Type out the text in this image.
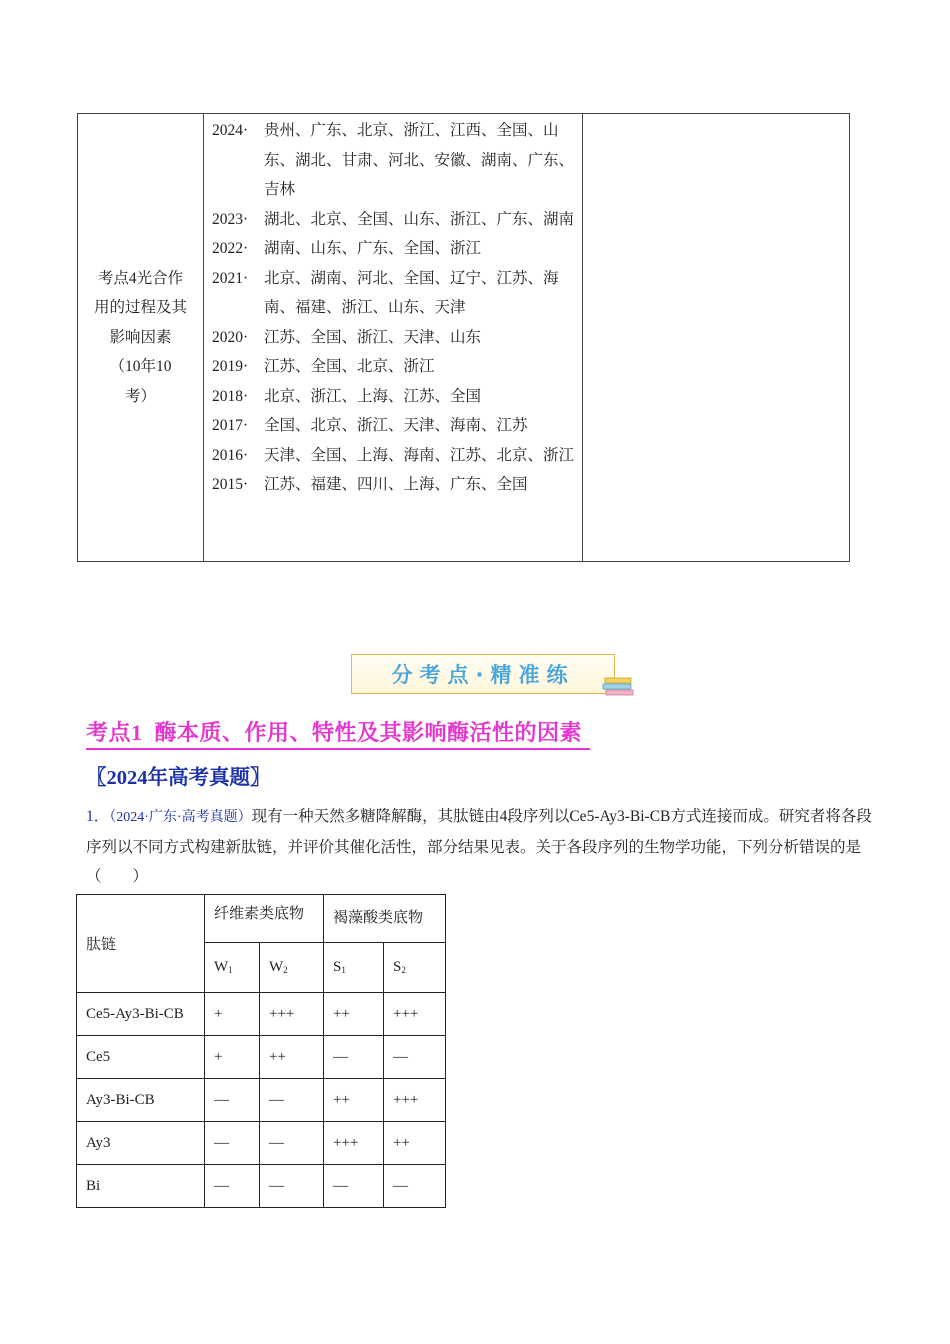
考点4光合作
用的过程及其
影响因素
（10年10
考）

2024· 贵州、广东、北京、浙江、江西、全国、山东、湖北、甘肃、河北、安徽、湖南、广东、吉林
2023· 湖北、北京、全国、山东、浙江、广东、湖南
2022· 湖南、山东、广东、全国、浙江
2021· 北京、湖南、河北、全国、辽宁、江苏、海南、福建、浙江、山东、天津
2020· 江苏、全国、浙江、天津、山东
2019· 江苏、全国、北京、浙江
2018· 北京、浙江、上海、江苏、全国
2017· 全国、北京、浙江、天津、海南、江苏
2016· 天津、全国、上海、海南、江苏、北京、浙江
2015· 江苏、福建、四川、上海、广东、全国

分考点·精准练
考点1 酶本质、作用、特性及其影响酶活性的因素
〖2024年高考真题〗
1．（2024·广东·高考真题）现有一种天然多糖降解酶，其肽链由4段序列以Ce5-Ay3-Bi-CB方式连接而成。研究者将各段序列以不同方式构建新肽链，并评价其催化活性，部分结果见表。关于各段序列的生物学功能，下列分析错误的是（　　）
肽链	纤维素类底物		褐藻酸类底物	
	$W_1$	$W_2$	$S_1$	$S_2$
Ce5-Ay3-Bi-CB	+	+++	++	+++
Ce5	+	++	—	—
Ay3-Bi-CB	—	—	++	+++
Ay3	—	—	+++	++
Bi	—	—	—	—
